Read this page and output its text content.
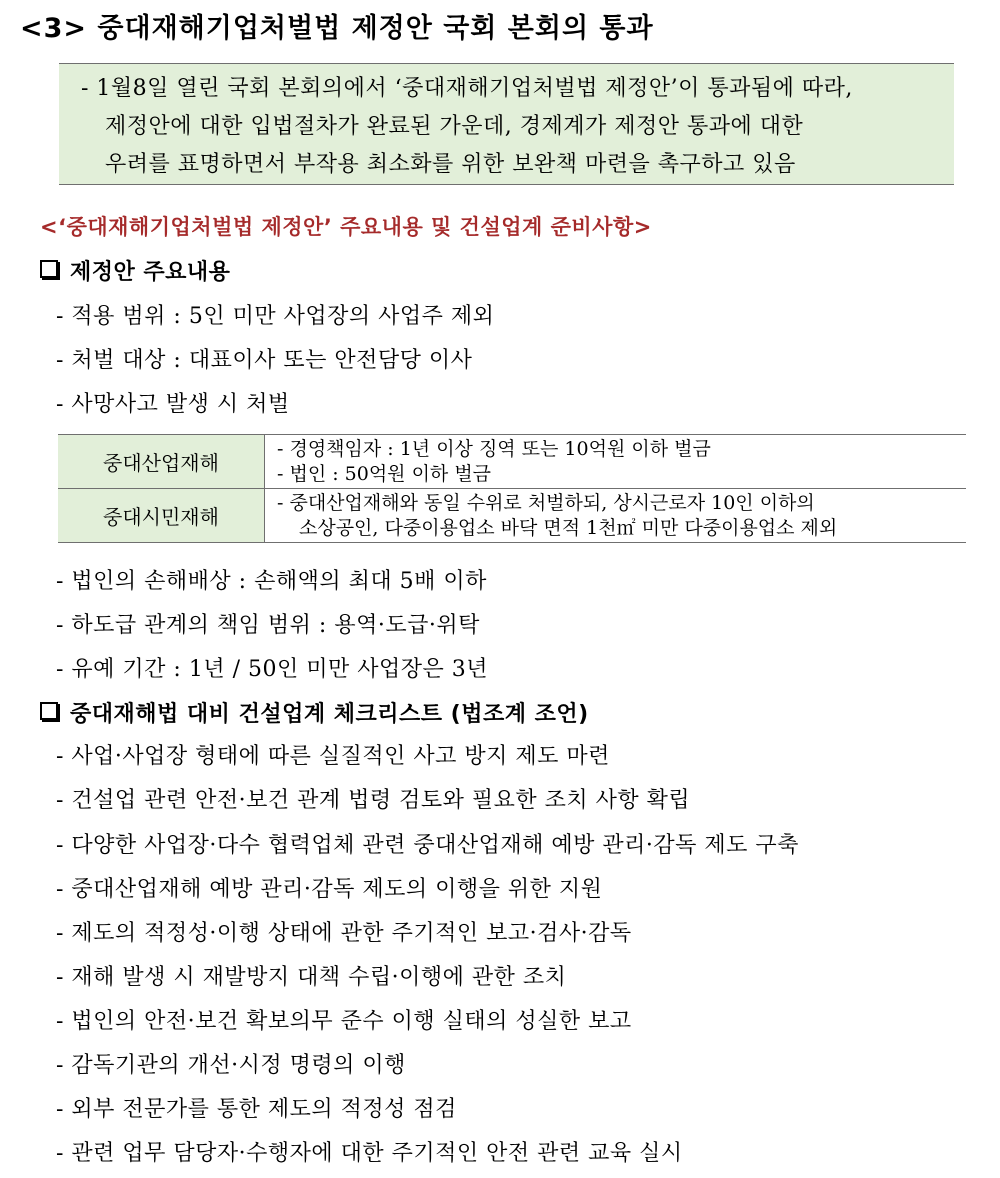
<3> 중대재해기업처벌법 제정안 국회 본회의 통과
- 1월8일 열린 국회 본회의에서 ‘중대재해기업처벌법 제정안’이 통과됨에 따라,
제정안에 대한 입법절차가 완료된 가운데, 경제계가 제정안 통과에 대한
우려를 표명하면서 부작용 최소화를 위한 보완책 마련을 촉구하고 있음
<‘중대재해기업처벌법 제정안’ 주요내용 및 건설업계 준비사항>
제정안 주요내용
- 적용 범위 : 5인 미만 사업장의 사업주 제외
- 처벌 대상 : 대표이사 또는 안전담당 이사
- 사망사고 발생 시 처벌
중대산업재해	- 경영책임자 : 1년 이상 징역 또는 10억원 이하 벌금
- 법인 : 50억원 이하 벌금

중대시민재해	- 중대산업재해와 동일 수위로 처벌하되, 상시근로자 10인 이하의
소상공인, 다중이용업소 바닥 면적 1천㎡ 미만 다중이용업소 제외
- 법인의 손해배상 : 손해액의 최대 5배 이하
- 하도급 관계의 책임 범위 : 용역·도급·위탁
- 유예 기간 : 1년 / 50인 미만 사업장은 3년
중대재해법 대비 건설업계 체크리스트 (법조계 조언)
- 사업·사업장 형태에 따른 실질적인 사고 방지 제도 마련
- 건설업 관련 안전·보건 관계 법령 검토와 필요한 조치 사항 확립
- 다양한 사업장·다수 협력업체 관련 중대산업재해 예방 관리·감독 제도 구축
- 중대산업재해 예방 관리·감독 제도의 이행을 위한 지원
- 제도의 적정성·이행 상태에 관한 주기적인 보고·검사·감독
- 재해 발생 시 재발방지 대책 수립·이행에 관한 조치
- 법인의 안전·보건 확보의무 준수 이행 실태의 성실한 보고
- 감독기관의 개선·시정 명령의 이행
- 외부 전문가를 통한 제도의 적정성 점검
- 관련 업무 담당자·수행자에 대한 주기적인 안전 관련 교육 실시
